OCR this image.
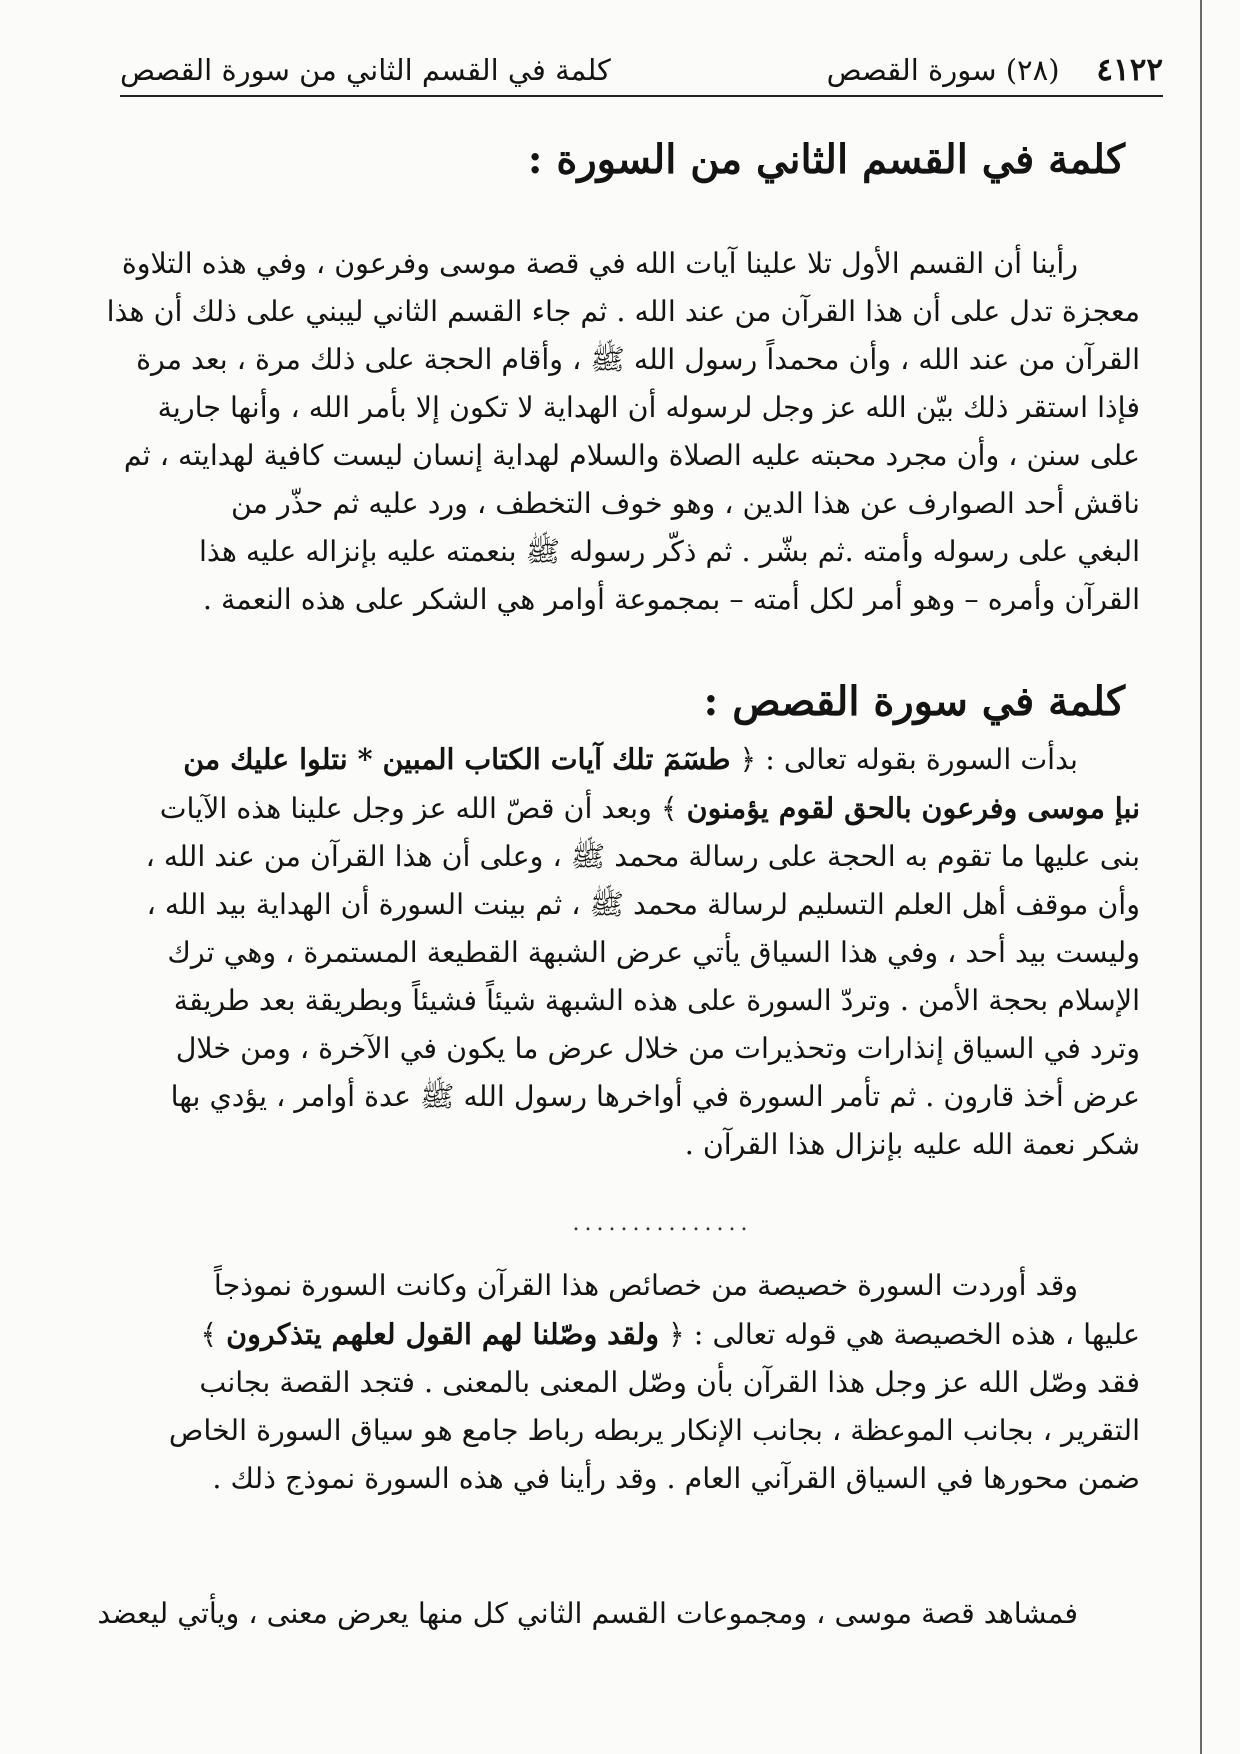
٤١٢٢    (٢٨) سورة القصص
كلمة في القسم الثاني من سورة القصص
كلمة في القسم الثاني من السورة :
رأينا أن القسم الأول تلا علينا آيات الله في قصة موسى وفرعون ، وفي هذه التلاوة
معجزة تدل على أن هذا القرآن من عند الله . ثم جاء القسم الثاني ليبني على ذلك أن هذا
القرآن من عند الله ، وأن محمداً رسول الله ﷺ ، وأقام الحجة على ذلك مرة ، بعد مرة
فإذا استقر ذلك بيّن الله عز وجل لرسوله أن الهداية لا تكون إلا بأمر الله ، وأنها جارية
على سنن ، وأن مجرد محبته عليه الصلاة والسلام لهداية إنسان ليست كافية لهدايته ، ثم
ناقش أحد الصوارف عن هذا الدين ، وهو خوف التخطف ، ورد عليه ثم حذّر من
البغي على رسوله وأمته .ثم بشّر . ثم ذكّر رسوله ﷺ بنعمته عليه بإنزاله عليه هذا
القرآن وأمره – وهو أمر لكل أمته – بمجموعة أوامر هي الشكر على هذه النعمة .
كلمة في سورة القصص :
بدأت السورة بقوله تعالى : ﴿ طسٓمٓ تلك آيات الكتاب المبين * نتلوا عليك من
نبإ موسى وفرعون بالحق لقوم يؤمنون ﴾ وبعد أن قصّ الله عز وجل علينا هذه الآيات
بنى عليها ما تقوم به الحجة على رسالة محمد ﷺ ، وعلى أن هذا القرآن من عند الله ،
وأن موقف أهل العلم التسليم لرسالة محمد ﷺ ، ثم بينت السورة أن الهداية بيد الله ،
وليست بيد أحد ، وفي هذا السياق يأتي عرض الشبهة القطيعة المستمرة ، وهي ترك
الإسلام بحجة الأمن . وتردّ السورة على هذه الشبهة شيئاً فشيئاً وبطريقة بعد طريقة
وترد في السياق إنذارات وتحذيرات من خلال عرض ما يكون في الآخرة ، ومن خلال
عرض أخذ قارون . ثم تأمر السورة في أواخرها رسول الله ﷺ عدة أوامر ، يؤدي بها
شكر نعمة الله عليه بإنزال هذا القرآن .
...............
وقد أوردت السورة خصيصة من خصائص هذا القرآن وكانت السورة نموذجاً
عليها ، هذه الخصيصة هي قوله تعالى : ﴿ ولقد وصّلنا لهم القول لعلهم يتذكرون ﴾
فقد وصّل الله عز وجل هذا القرآن بأن وصّل المعنى بالمعنى . فتجد القصة بجانب
التقرير ، بجانب الموعظة ، بجانب الإنكار يربطه رباط جامع هو سياق السورة الخاص
ضمن محورها في السياق القرآني العام . وقد رأينا في هذه السورة نموذج ذلك .
فمشاهد قصة موسى ، ومجموعات القسم الثاني كل منها يعرض معنى ، ويأتي ليعضد
